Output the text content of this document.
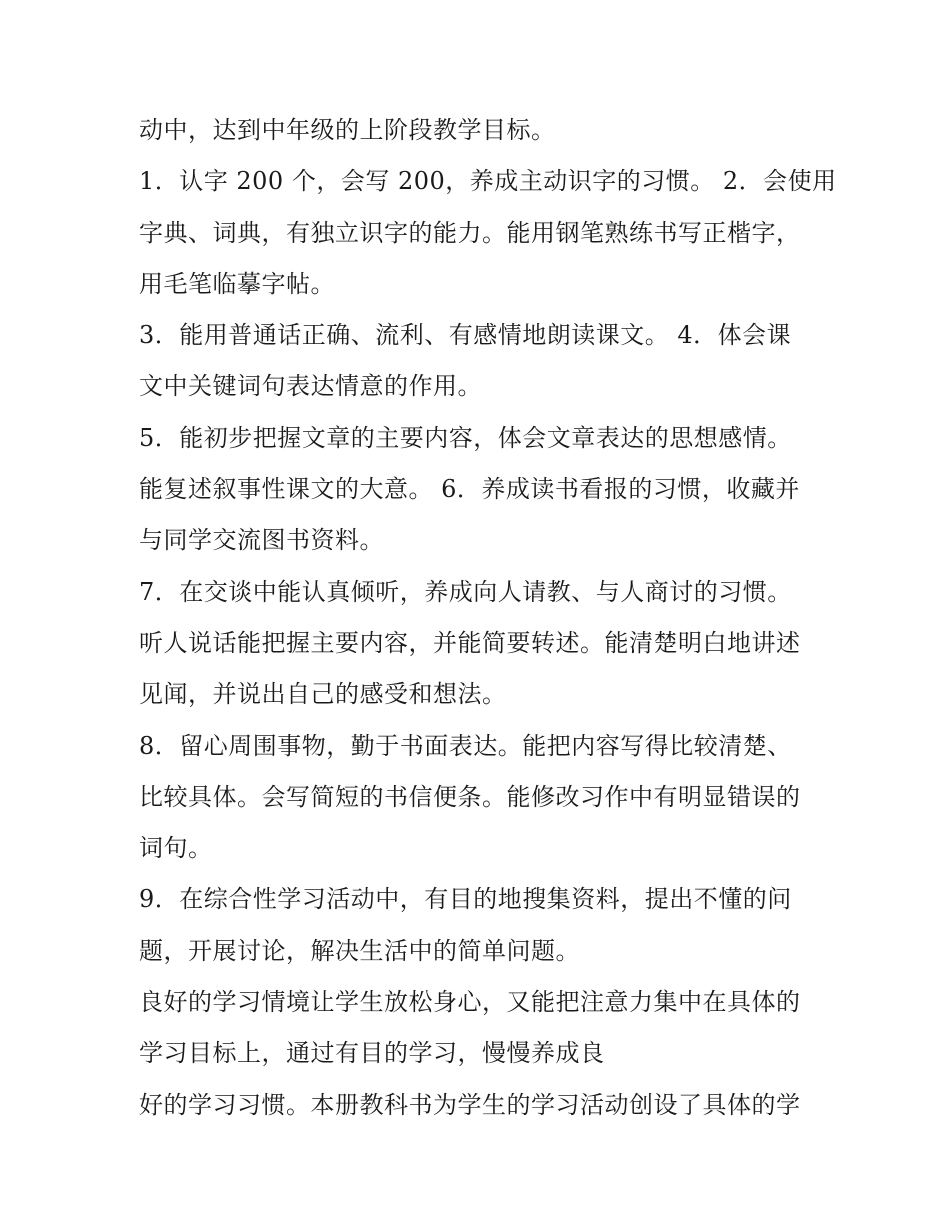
动中，达到中年级的上阶段教学目标。
1．认字 200 个，会写 200，养成主动识字的习惯。 2．会使用
字典、词典，有独立识字的能力。能用钢笔熟练书写正楷字，
用毛笔临摹字帖。
3．能用普通话正确、流利、有感情地朗读课文。 4．体会课
文中关键词句表达情意的作用。
5．能初步把握文章的主要内容，体会文章表达的思想感情。
能复述叙事性课文的大意。 6．养成读书看报的习惯，收藏并
与同学交流图书资料。
7．在交谈中能认真倾听，养成向人请教、与人商讨的习惯。
听人说话能把握主要内容，并能简要转述。能清楚明白地讲述
见闻，并说出自己的感受和想法。
8．留心周围事物，勤于书面表达。能把内容写得比较清楚、
比较具体。会写简短的书信便条。能修改习作中有明显错误的
词句。
9．在综合性学习活动中，有目的地搜集资料，提出不懂的问
题，开展讨论，解决生活中的简单问题。
良好的学习情境让学生放松身心，又能把注意力集中在具体的
学习目标上，通过有目的学习，慢慢养成良
好的学习习惯。本册教科书为学生的学习活动创设了具体的学
